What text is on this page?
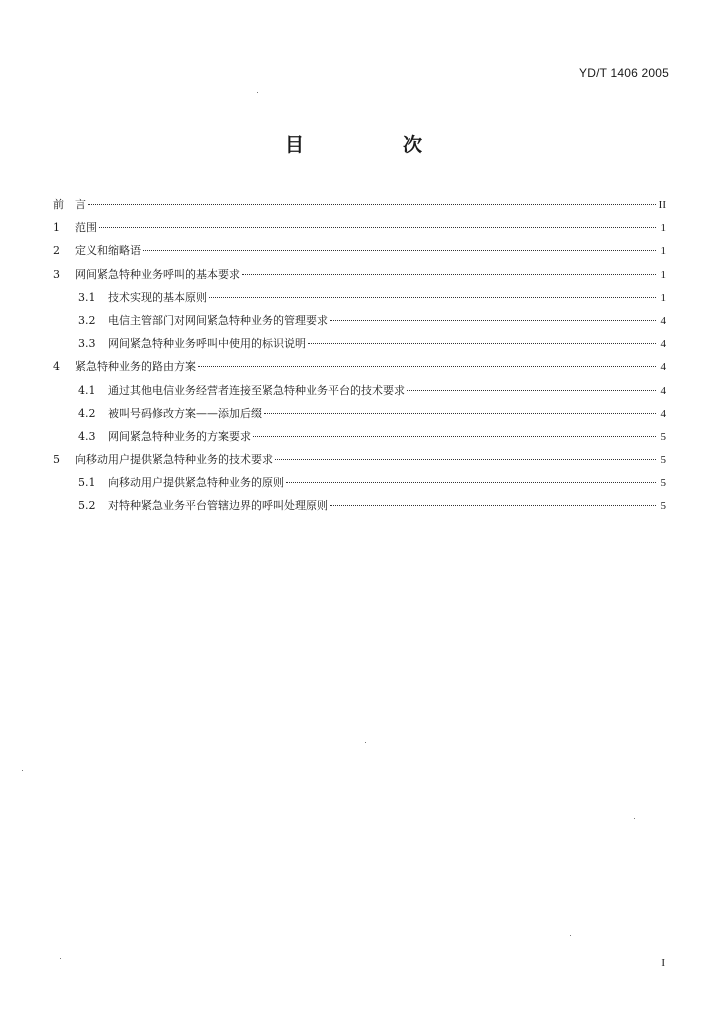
YD/T 1406 2005
目　次
前　言	II
1	范围	1
2	定义和缩略语	1
3	网间紧急特种业务呼叫的基本要求	1
3.1	技术实现的基本原则	1
3.2	电信主管部门对网间紧急特种业务的管理要求	4
3.3	网间紧急特种业务呼叫中使用的标识说明	4
4	紧急特种业务的路由方案	4
4.1	通过其他电信业务经营者连接至紧急特种业务平台的技术要求	4
4.2	被叫号码修改方案——添加后缀	4
4.3	网间紧急特种业务的方案要求	5
5	向移动用户提供紧急特种业务的技术要求	5
5.1	向移动用户提供紧急特种业务的原则	5
5.2	对特种紧急业务平台管辖边界的呼叫处理原则	5
I
